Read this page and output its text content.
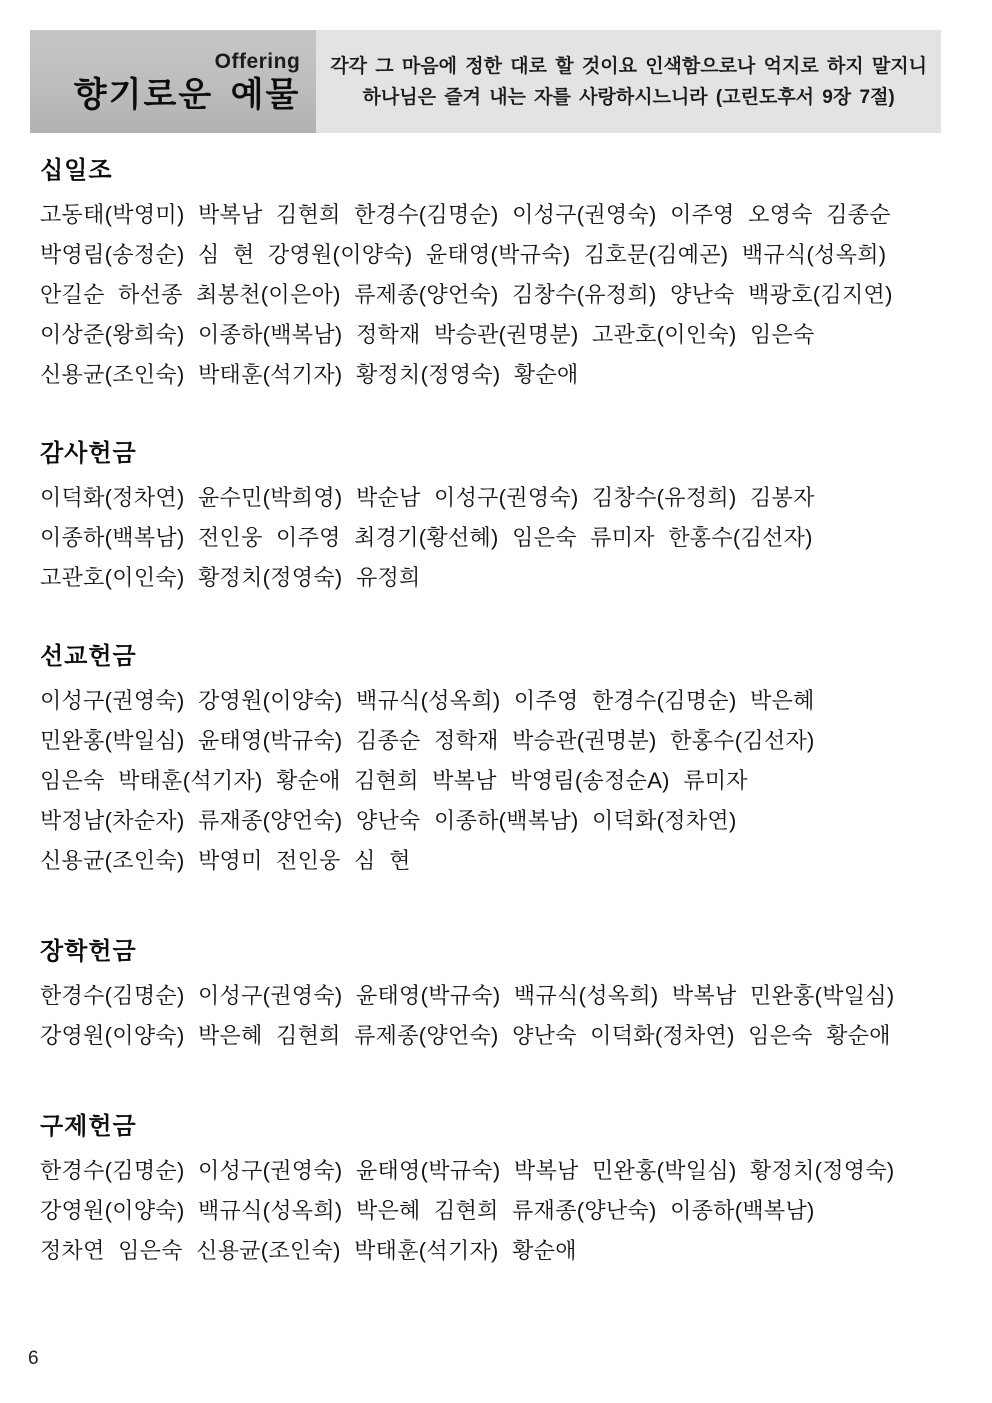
Offering
향기로운 예물
각각 그 마음에 정한 대로 할 것이요 인색함으로나 억지로 하지 말지니
하나님은 즐겨 내는 자를 사랑하시느니라 (고린도후서 9장 7절)
십일조

고동태(박영미) 박복남 김현희 한경수(김명순) 이성구(권영숙) 이주영 오영숙 김종순

박영림(송정순) 심 현 강영원(이양숙) 윤태영(박규숙) 김호문(김예곤) 백규식(성옥희)

안길순 하선종 최봉천(이은아) 류제종(양언숙) 김창수(유정희) 양난숙 백광호(김지연)

이상준(왕희숙) 이종하(백복남) 정학재 박승관(권명분) 고관호(이인숙) 임은숙

신용균(조인숙) 박태훈(석기자) 황정치(정영숙) 황순애

감사헌금

이덕화(정차연) 윤수민(박희영) 박순남 이성구(권영숙) 김창수(유정희) 김봉자

이종하(백복남) 전인웅 이주영 최경기(황선혜) 임은숙 류미자 한홍수(김선자)

고관호(이인숙) 황정치(정영숙) 유정희

선교헌금

이성구(권영숙) 강영원(이양숙) 백규식(성옥희) 이주영 한경수(김명순) 박은혜

민완홍(박일심) 윤태영(박규숙) 김종순 정학재 박승관(권명분) 한홍수(김선자)

임은숙 박태훈(석기자) 황순애 김현희 박복남 박영림(송정순A) 류미자

박정남(차순자) 류재종(양언숙) 양난숙 이종하(백복남) 이덕화(정차연)

신용균(조인숙) 박영미 전인웅 심 현

장학헌금

한경수(김명순) 이성구(권영숙) 윤태영(박규숙) 백규식(성옥희) 박복남 민완홍(박일심)

강영원(이양숙) 박은혜 김현희 류제종(양언숙) 양난숙 이덕화(정차연) 임은숙 황순애

구제헌금

한경수(김명순) 이성구(권영숙) 윤태영(박규숙) 박복남 민완홍(박일심) 황정치(정영숙)

강영원(이양숙) 백규식(성옥희) 박은혜 김현희 류재종(양난숙) 이종하(백복남)

정차연 임은숙 신용균(조인숙) 박태훈(석기자) 황순애

6
